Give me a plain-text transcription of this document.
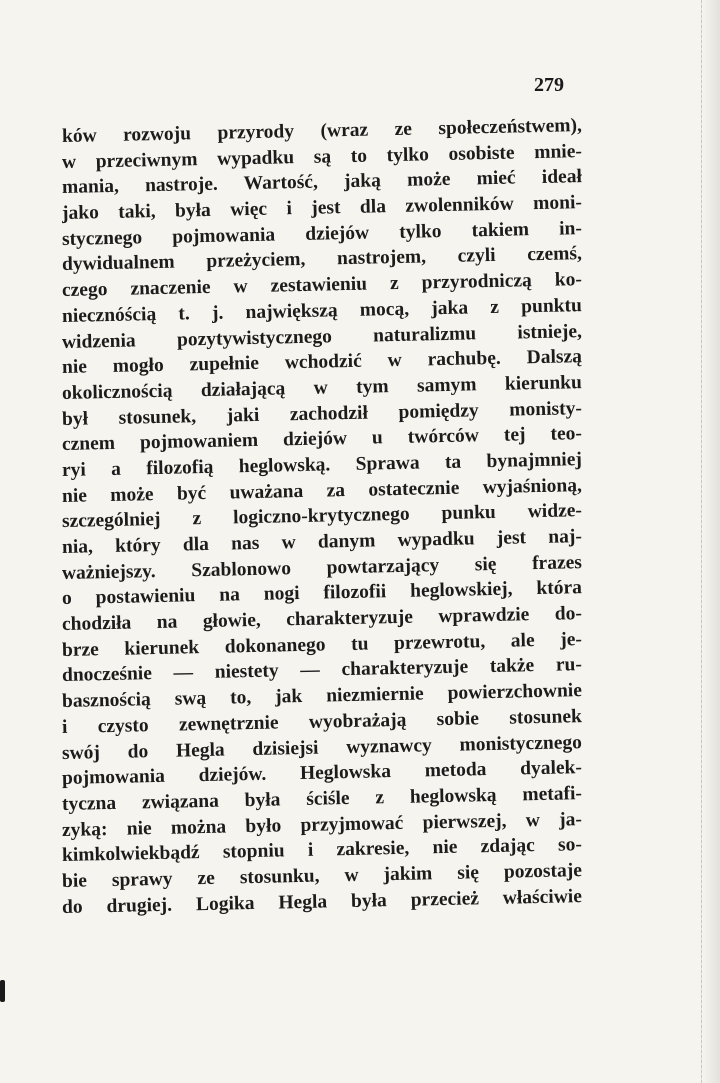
279
ków rozwoju przyrody (wraz ze społeczeństwem),
w przeciwnym wypadku są to tylko osobiste mnie-
mania, nastroje. Wartość, jaką może mieć ideał
jako taki, była więc i jest dla zwolenników moni-
stycznego pojmowania dziejów tylko takiem in-
dywidualnem przeżyciem, nastrojem, czyli czemś,
czego znaczenie w zestawieniu z przyrodniczą ko-
niecznóścią t. j. największą mocą, jaka z punktu
widzenia pozytywistycznego naturalizmu istnieje,
nie mogło zupełnie wchodzić w rachubę. Dalszą
okolicznością działającą w tym samym kierunku
był stosunek, jaki zachodził pomiędzy monisty-
cznem pojmowaniem dziejów u twórców tej teo-
ryi a filozofią heglowską. Sprawa ta bynajmniej
nie może być uważana za ostatecznie wyjaśnioną,
szczególniej z logiczno-krytycznego punku widze-
nia, który dla nas w danym wypadku jest naj-
ważniejszy. Szablonowo powtarzający się frazes
o postawieniu na nogi filozofii heglowskiej, która
chodziła na głowie, charakteryzuje wprawdzie do-
brze kierunek dokonanego tu przewrotu, ale je-
dnocześnie — niestety — charakteryzuje także ru-
basznością swą to, jak niezmiernie powierzchownie
i czysto zewnętrznie wyobrażają sobie stosunek
swój do Hegla dzisiejsi wyznawcy monistycznego
pojmowania dziejów. Heglowska metoda dyalek-
tyczna związana była ściśle z heglowską metafi-
zyką: nie można było przyjmować pierwszej, w ja-
kimkolwiekbądź stopniu i zakresie, nie zdając so-
bie sprawy ze stosunku, w jakim się pozostaje
do drugiej. Logika Hegla była przecież właściwie
